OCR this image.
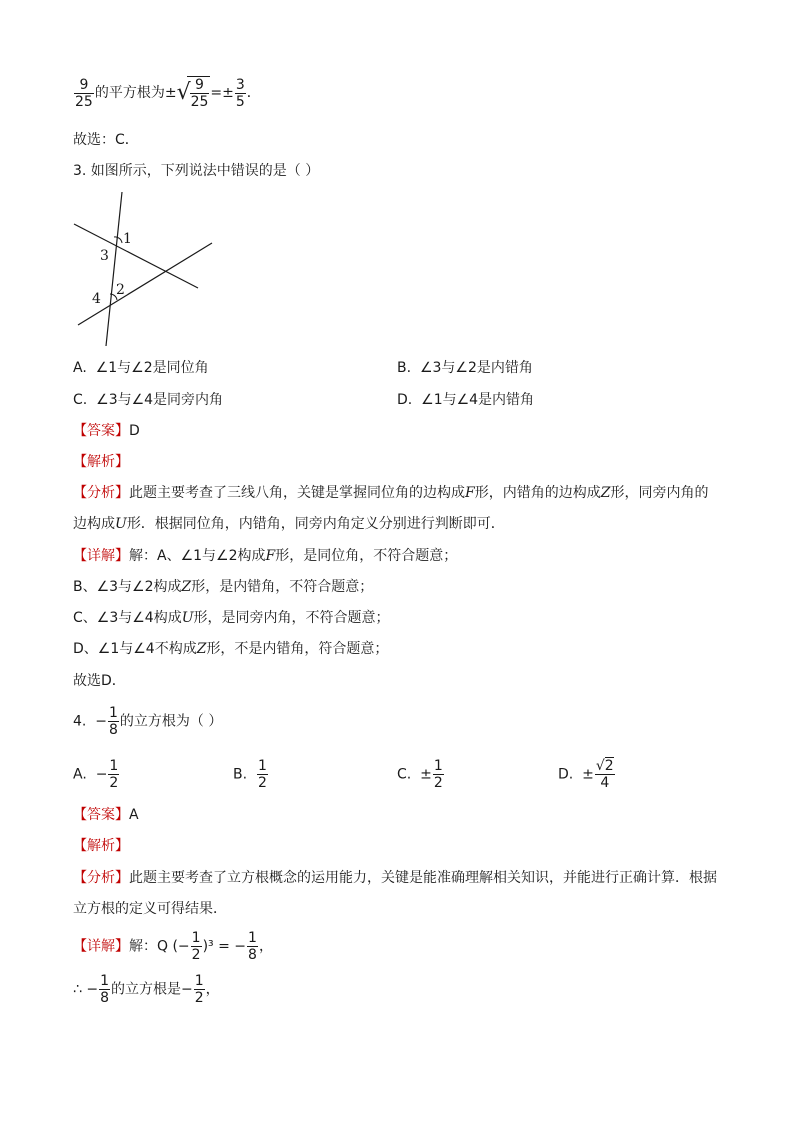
$\frac{9}{25}$ 的平方根为± √
$\frac{9}{25} =\pm \frac{3}{5}$ ．
故选：C．
3. 如图所示，下列说法中错误的是（ ）
1
3
2
4
A. ∠1与∠2是同位角	B. ∠3与∠2是内错角
C. ∠3与∠4是同旁内角	D. ∠1与∠4是内错角
【答案】D
【解析】
【分析】此题主要考查了三线八角，关键是掌握同位角的边构成F形，内错角的边构成Z形，同旁内角的
边构成U形．根据同位角，内错角，同旁内角定义分别进行判断即可．
【详解】解：A、∠1与∠2构成F形，是同位角，不符合题意；
B、∠3与∠2构成Z形，是内错角，不符合题意；
C、∠3与∠4构成U形，是同旁内角，不符合题意；
D、∠1与∠4不构成Z形，不是内错角，符合题意；
故选D．
4. − $\frac{1}{8}$ 的立方根为（ ）
A. − $\frac{1}{2}$	B. $\frac{1}{2}$	C. ± $\frac{1}{2}$	D. ± $\frac{√2}{4}$
【答案】A
【解析】
【分析】此题主要考查了立方根概念的运用能力，关键是能准确理解相关知识，并能进行正确计算．根据
立方根的定义可得结果．
【详解】解：Q (− $\frac{1}{2} )^3$ = − $\frac{1}{8}$ ，
∴ − $\frac{1}{8}$ 的立方根是− $\frac{1}{2}$ ，
